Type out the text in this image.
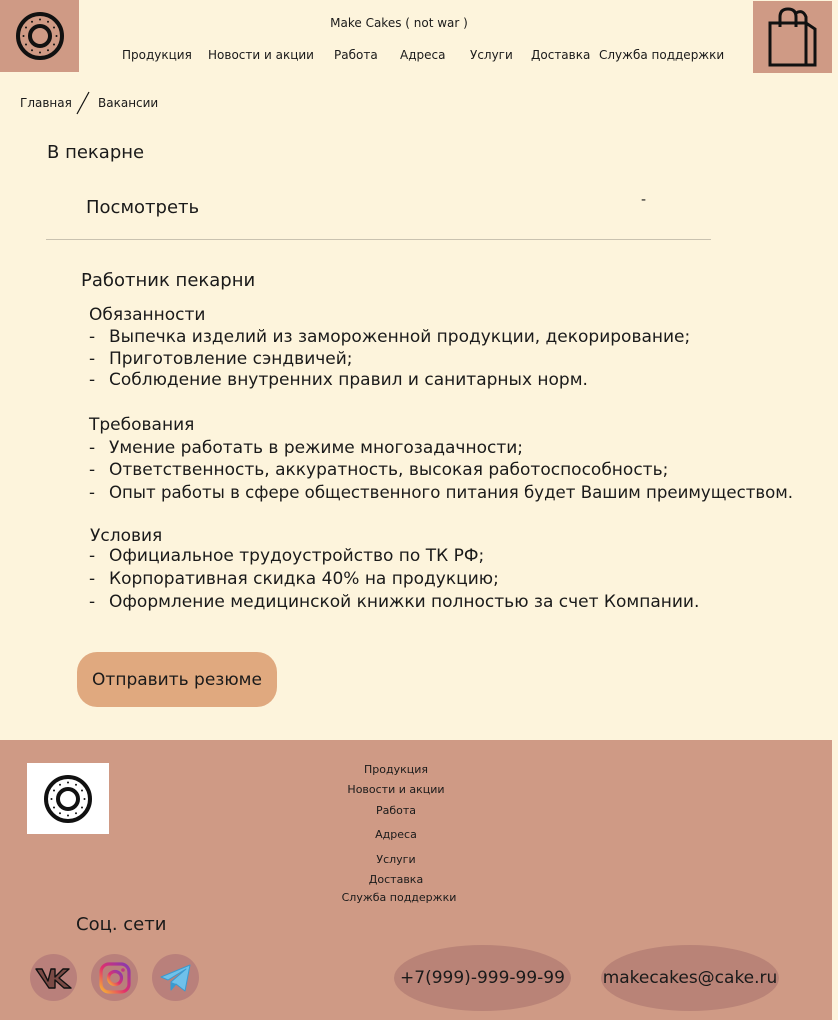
Make Cakes ( not war )
Продукция Новости и акции Работа Адреса Услуги Доставка Служба поддержки
Главная Вакансии
В пекарне
Посмотреть	-
Работник пекарни
Обязанности
- Выпечка изделий из замороженной продукции, декорирование;
- Приготовление сэндвичей;
- Соблюдение внутренних правил и санитарных норм.
Требования
- Умение работать в режиме многозадачности;
- Ответственность, аккуратность, высокая работоспособность;
- Опыт работы в сфере общественного питания будет Вашим преимуществом.
Условия
- Официальное трудоустройство по ТК РФ;
- Корпоративная скидка 40% на продукцию;
- Оформление медицинской книжки полностью за счет Компании.
Отправить резюме
Продукция
Новости и акции
Работа
Адреса
Услуги
Доставка
Служба поддержки
Соц. сети
+7(999)-999-99-99	makecakes@cake.ru
